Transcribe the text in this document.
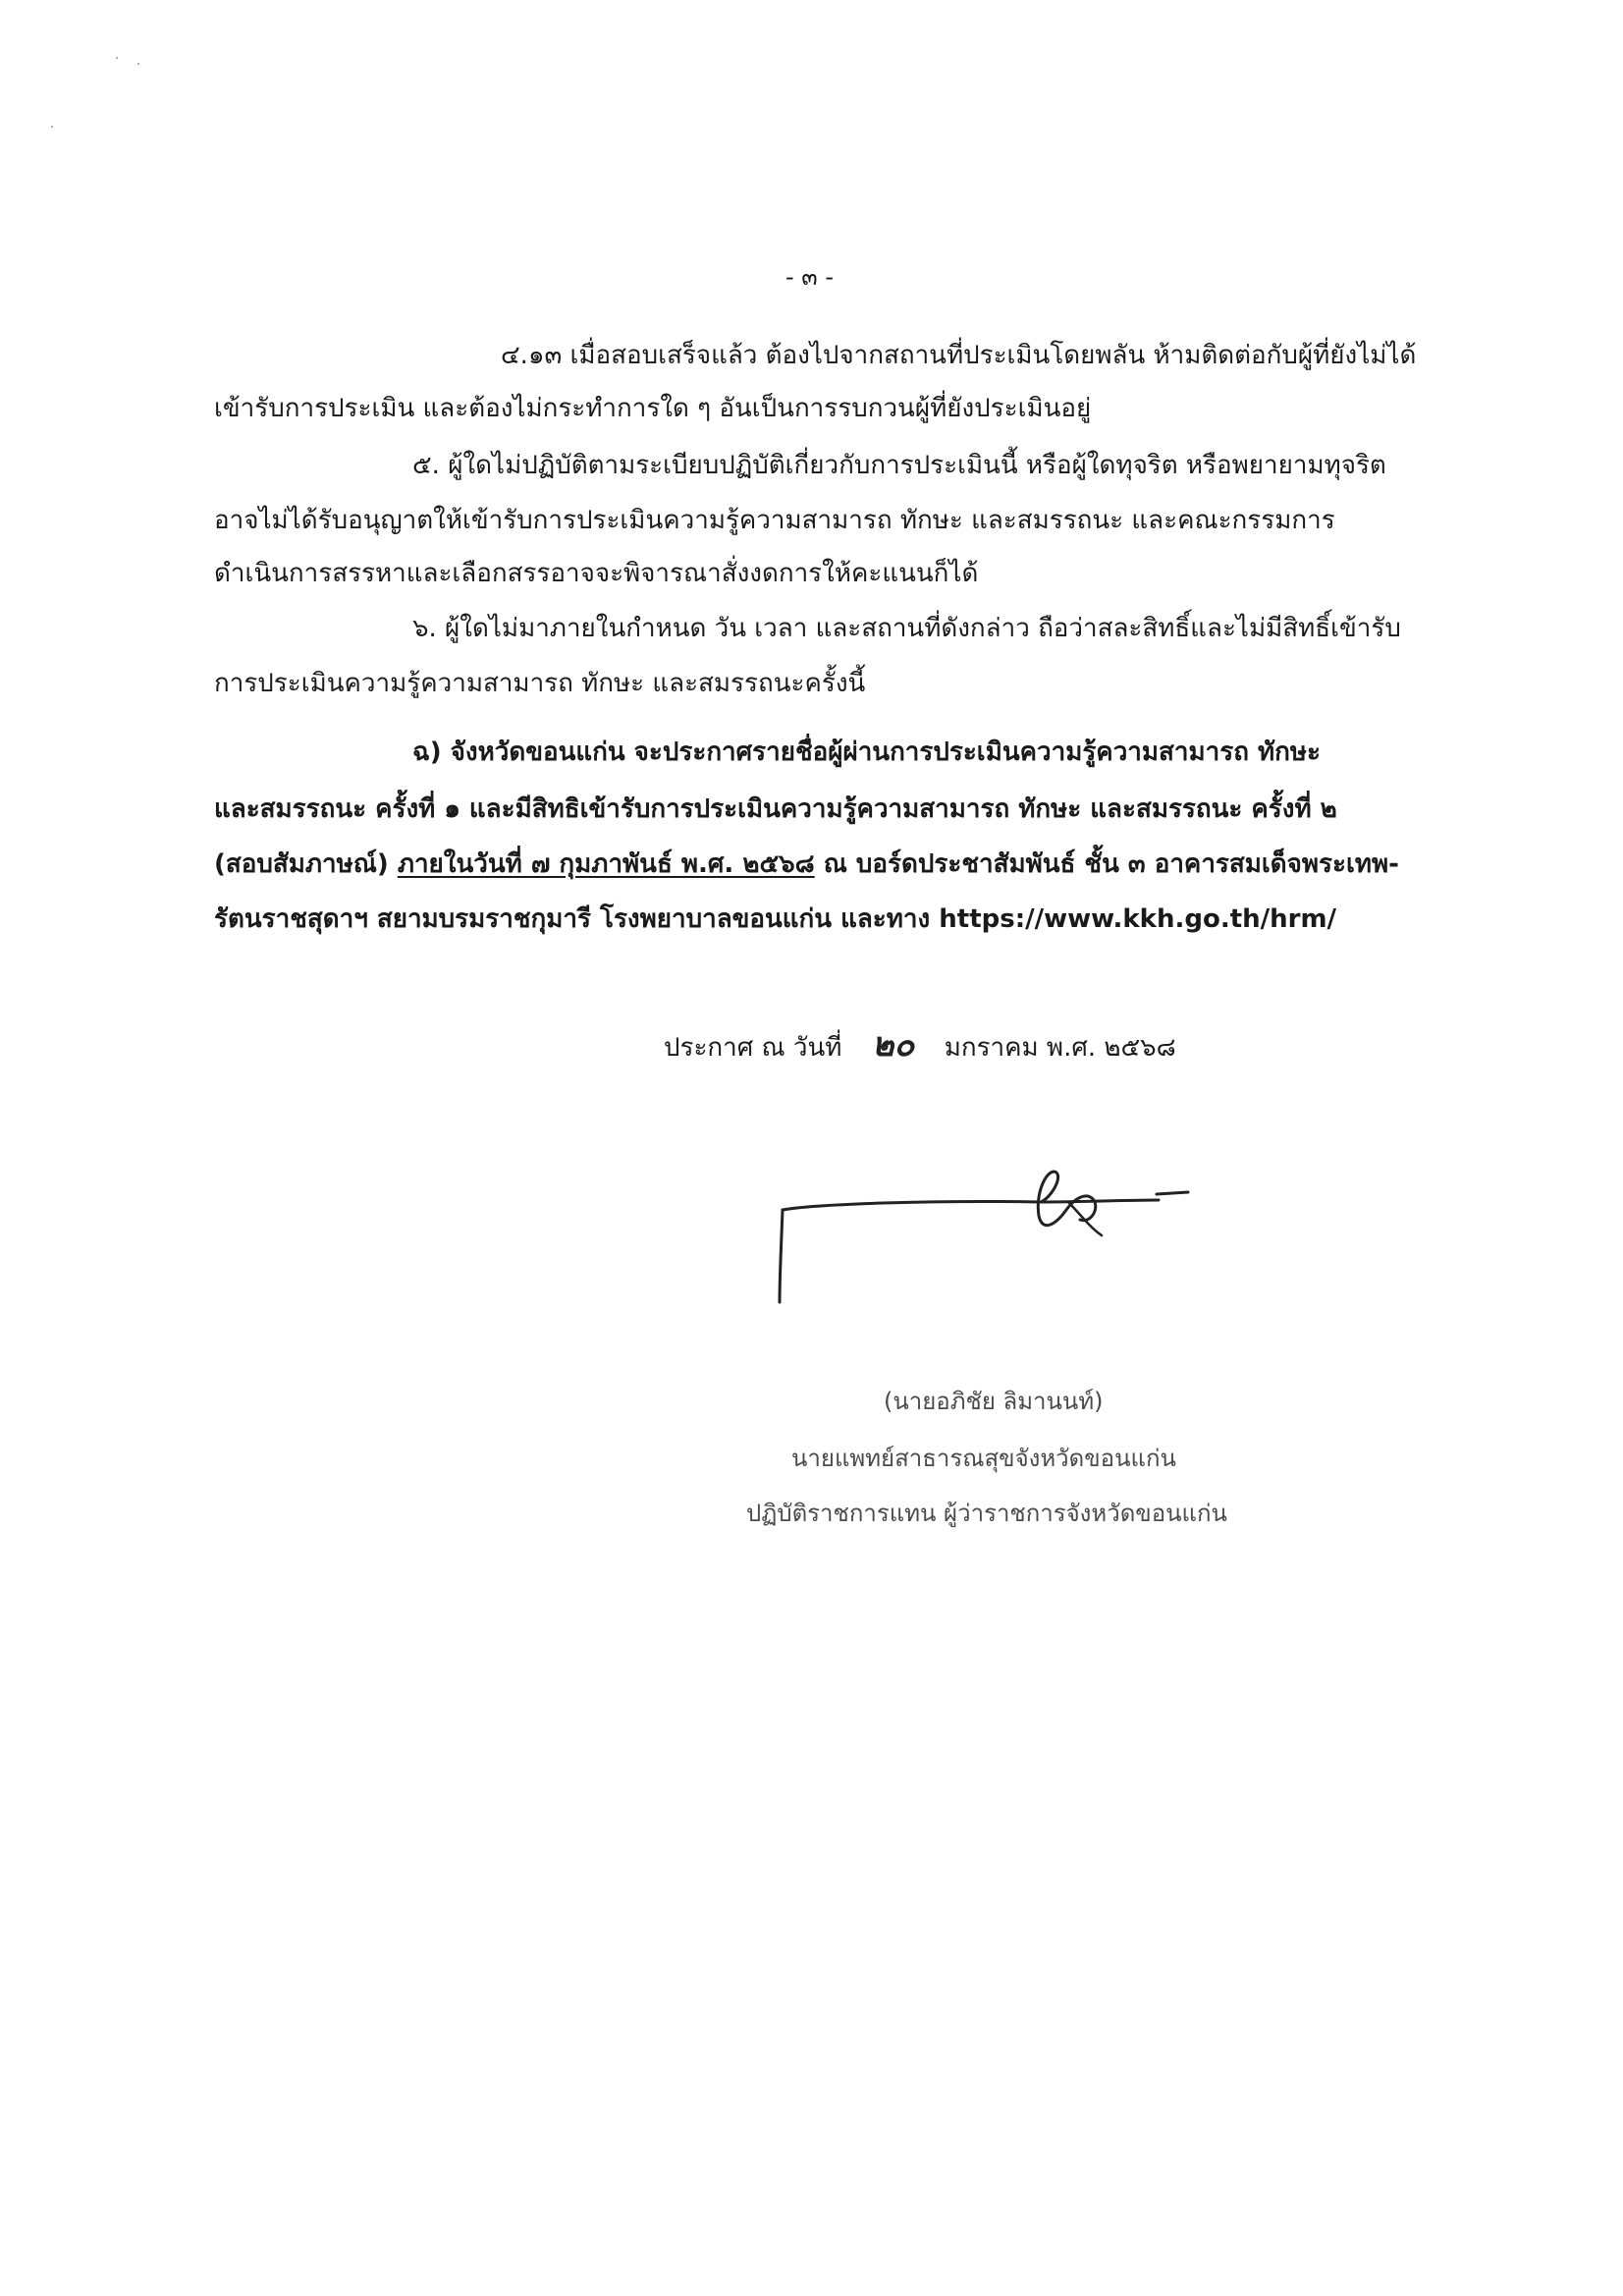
- ๓ -
๔.๑๓ เมื่อสอบเสร็จแล้ว ต้องไปจากสถานที่ประเมินโดยพลัน ห้ามติดต่อกับผู้ที่ยังไม่ได้
เข้ารับการประเมิน และต้องไม่กระทำการใด ๆ อันเป็นการรบกวนผู้ที่ยังประเมินอยู่
๕. ผู้ใดไม่ปฏิบัติตามระเบียบปฏิบัติเกี่ยวกับการประเมินนี้ หรือผู้ใดทุจริต หรือพยายามทุจริต
อาจไม่ได้รับอนุญาตให้เข้ารับการประเมินความรู้ความสามารถ ทักษะ และสมรรถนะ และคณะกรรมการ
ดำเนินการสรรหาและเลือกสรรอาจจะพิจารณาสั่งงดการให้คะแนนก็ได้
๖. ผู้ใดไม่มาภายในกำหนด วัน เวลา และสถานที่ดังกล่าว ถือว่าสละสิทธิ์และไม่มีสิทธิ์เข้ารับ
การประเมินความรู้ความสามารถ ทักษะ และสมรรถนะครั้งนี้
ฉ) จังหวัดขอนแก่น จะประกาศรายชื่อผู้ผ่านการประเมินความรู้ความสามารถ ทักษะ
และสมรรถนะ ครั้งที่ ๑ และมีสิทธิเข้ารับการประเมินความรู้ความสามารถ ทักษะ และสมรรถนะ ครั้งที่ ๒
(สอบสัมภาษณ์) ภายในวันที่ ๗ กุมภาพันธ์ พ.ศ. ๒๕๖๘ ณ บอร์ดประชาสัมพันธ์ ชั้น ๓ อาคารสมเด็จพระเทพ-
รัตนราชสุดาฯ สยามบรมราชกุมารี โรงพยาบาลขอนแก่น และทาง https://www.kkh.go.th/hrm/
ประกาศ ณ วันที่ ๒๐ มกราคม พ.ศ. ๒๕๖๘
(นายอภิชัย ลิมานนท์)
นายแพทย์สาธารณสุขจังหวัดขอนแก่น
ปฏิบัติราชการแทน ผู้ว่าราชการจังหวัดขอนแก่น
